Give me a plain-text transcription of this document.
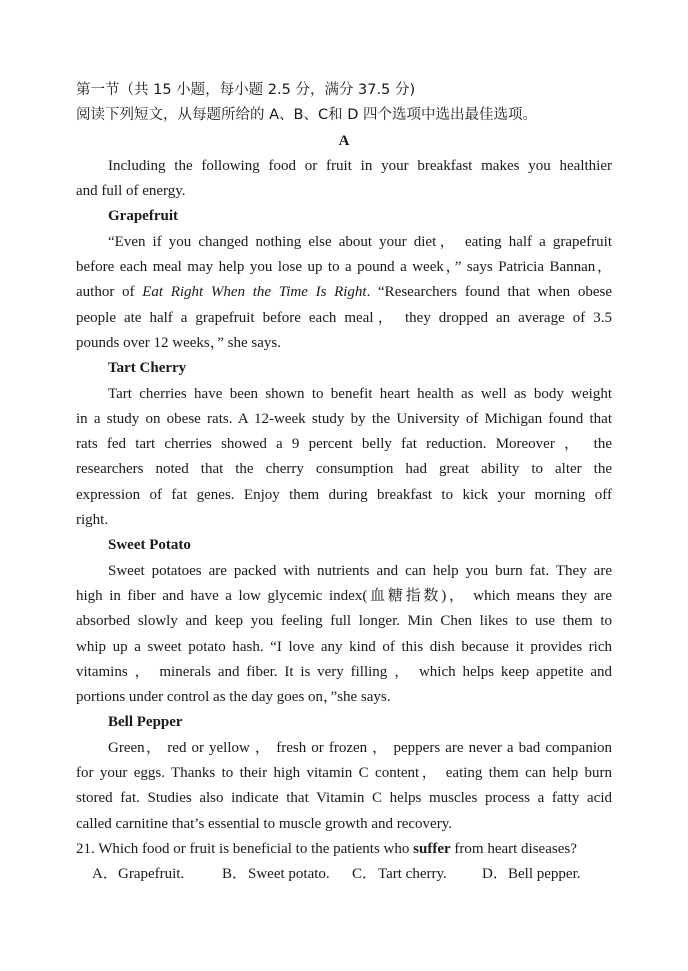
第一节（共 15 小题，每小题 2.5 分，满分 37.5 分)
阅读下列短文，从每题所给的 A、B、C和 D 四个选项中选出最佳选项。
A
Including the following food or fruit in your breakfast makes you healthier
and full of energy.
Grapefruit
“Even if you changed nothing else about your diet， eating half a grapefruit
before each meal may help you lose up to a pound a week，” says Patricia Bannan，
author of Eat Right When the Time Is Right. “Researchers found that when obese
people ate half a grapefruit before each meal， they dropped an average of 3.5
pounds over 12 weeks，” she says.
Tart Cherry
Tart cherries have been shown to benefit heart health as well as body weight
in a study on obese rats. A 12-week study by the University of Michigan found that
rats fed tart cherries showed a 9 percent belly fat reduction. Moreover ， the
researchers noted that the cherry consumption had great ability to alter the
expression of fat genes. Enjoy them during breakfast to kick your morning off
right.
Sweet Potato
Sweet potatoes are packed with nutrients and can help you burn fat. They are
high in fiber and have a low glycemic index(血糖指数)， which means they are
absorbed slowly and keep you feeling full longer. Min Chen likes to use them to
whip up a sweet potato hash. “I love any kind of this dish because it provides rich
vitamins ， minerals and fiber. It is very filling ， which helps keep appetite and
portions under control as the day goes on，”she says.
Bell Pepper
Green， red or yellow ， fresh or frozen ， peppers are never a bad companion
for your eggs. Thanks to their high vitamin C content， eating them can help burn
stored fat. Studies also indicate that Vitamin C helps muscles process a fatty acid
called carnitine that’s essential to muscle growth and recovery.
21. Which food or fruit is beneficial to the patients who suffer from heart diseases?
A．Grapefruit.	B．Sweet potato.	C．Tart cherry.	D．Bell pepper.
